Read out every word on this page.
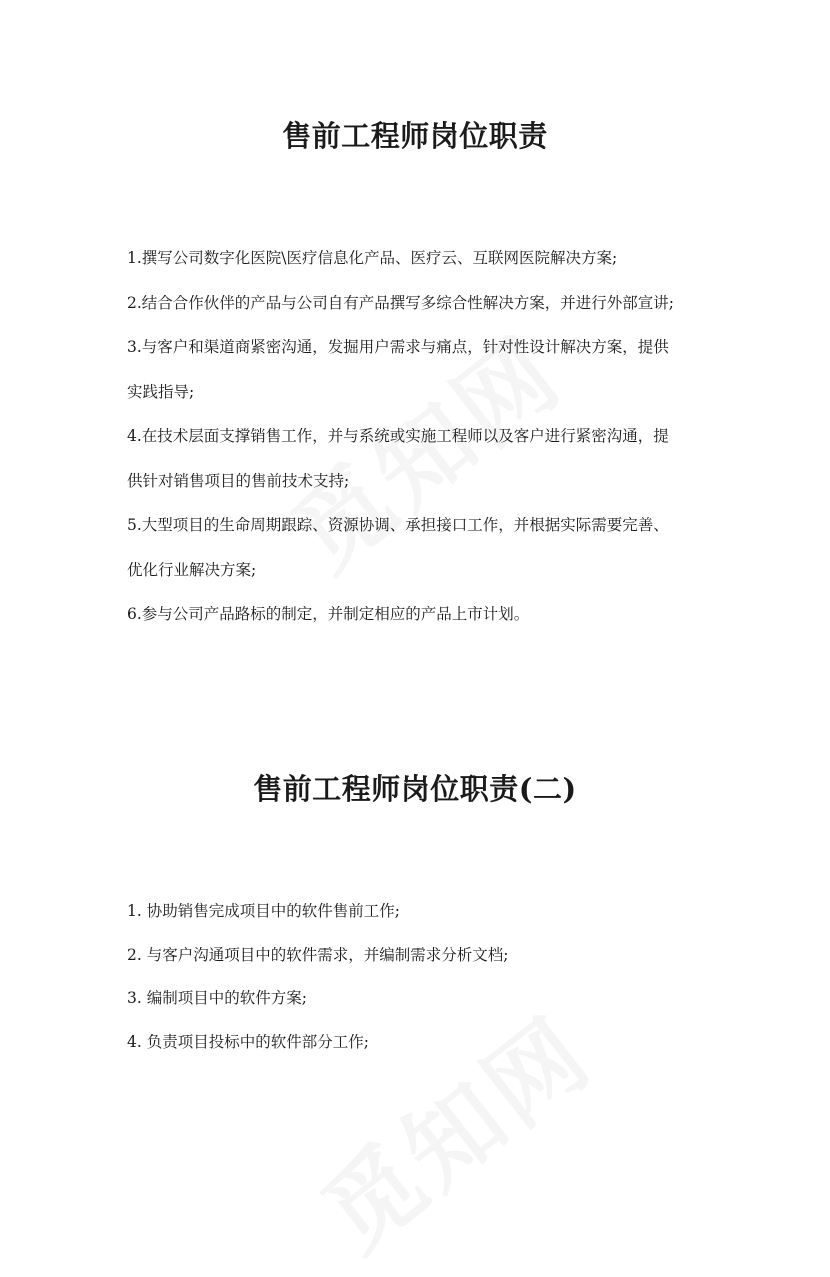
售前工程师岗位职责
1.撰写公司数字化医院\医疗信息化产品、医疗云、互联网医院解决方案;
2.结合合作伙伴的产品与公司自有产品撰写多综合性解决方案，并进行外部宣讲;
3.与客户和渠道商紧密沟通，发掘用户需求与痛点，针对性设计解决方案，提供
实践指导;
4.在技术层面支撑销售工作，并与系统或实施工程师以及客户进行紧密沟通，提
供针对销售项目的售前技术支持;
5.大型项目的生命周期跟踪、资源协调、承担接口工作，并根据实际需要完善、
优化行业解决方案;
6.参与公司产品路标的制定，并制定相应的产品上市计划。
售前工程师岗位职责(二)
1. 协助销售完成项目中的软件售前工作;
2. 与客户沟通项目中的软件需求，并编制需求分析文档;
3. 编制项目中的软件方案;
4. 负责项目投标中的软件部分工作;
